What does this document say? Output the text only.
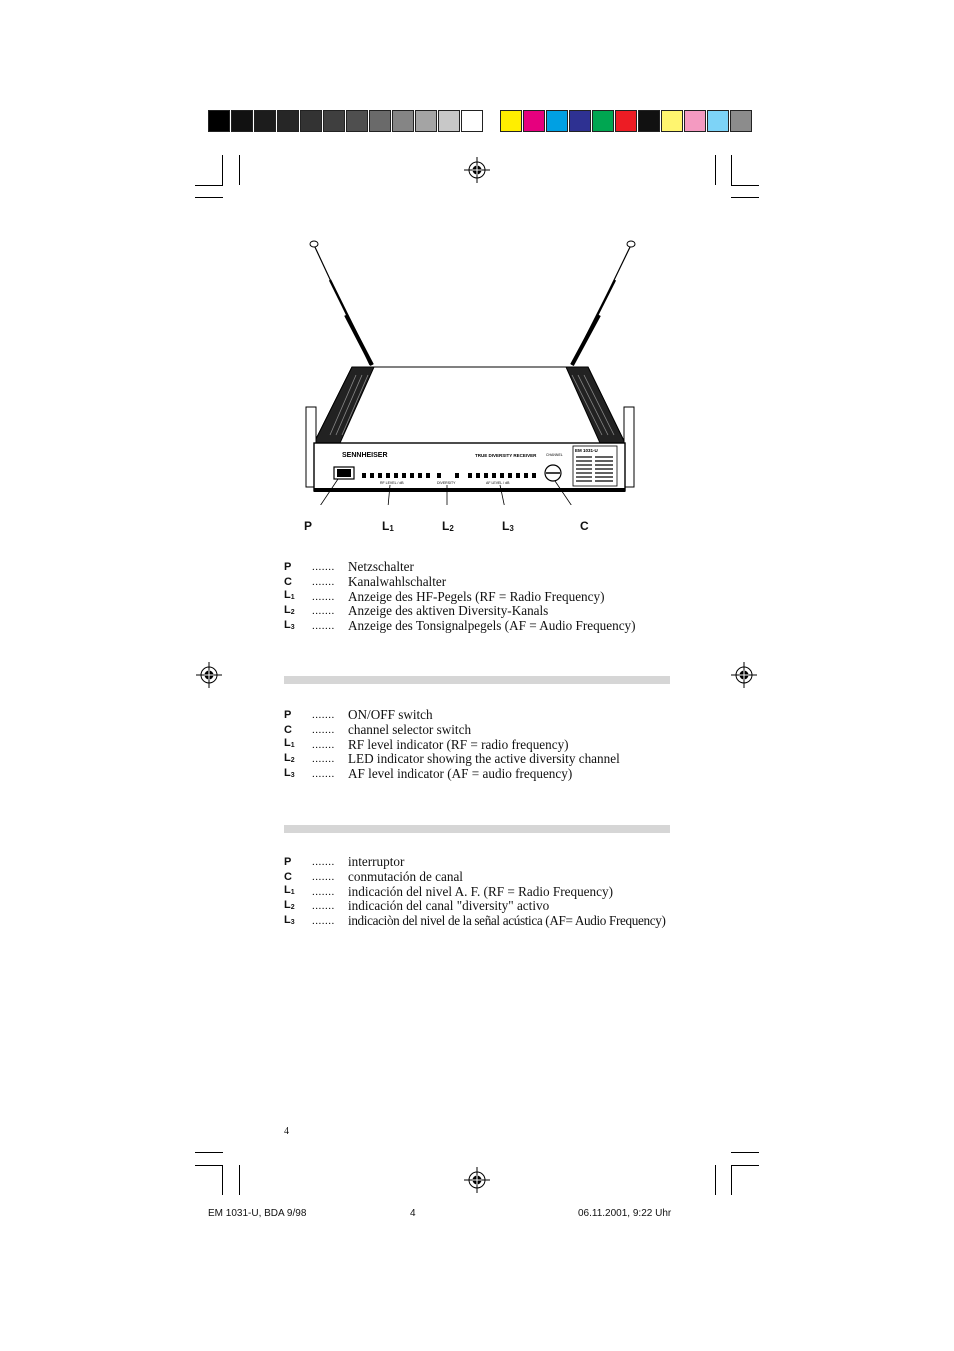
SENNHEISER	TRUE DIVERSITY RECEIVER
RF LEVEL / dB	DIVERSITY	AF LEVEL / dB
CHANNEL
EM 1031-U
P	$L_1$	$L_2$	$L_3$	C
P	.......	Netzschalter
C	.......	Kanalwahlschalter
$L_1$	.......	Anzeige des HF-Pegels (RF = Radio Frequency)
$L_2$	.......	Anzeige des aktiven Diversity-Kanals
$L_3$	.......	Anzeige des Tonsignalpegels (AF = Audio Frequency)
P	.......	ON/OFF switch
C	.......	channel selector switch
$L_1$	.......	RF level indicator (RF = radio frequency)
$L_2$	.......	LED indicator showing the active diversity channel
$L_3$	.......	AF level indicator (AF = audio frequency)
P	.......	interruptor
C	.......	conmutación de canal
$L_1$	.......	indicación del nivel A. F. (RF = Radio Frequency)
$L_2$	.......	indicación del canal "diversity" activo
$L_3$	.......	indicaciòn del nivel de la señal acústica (AF= Audio Frequency)
4
EM 1031-U, BDA 9/98	4	06.11.2001, 9:22 Uhr
